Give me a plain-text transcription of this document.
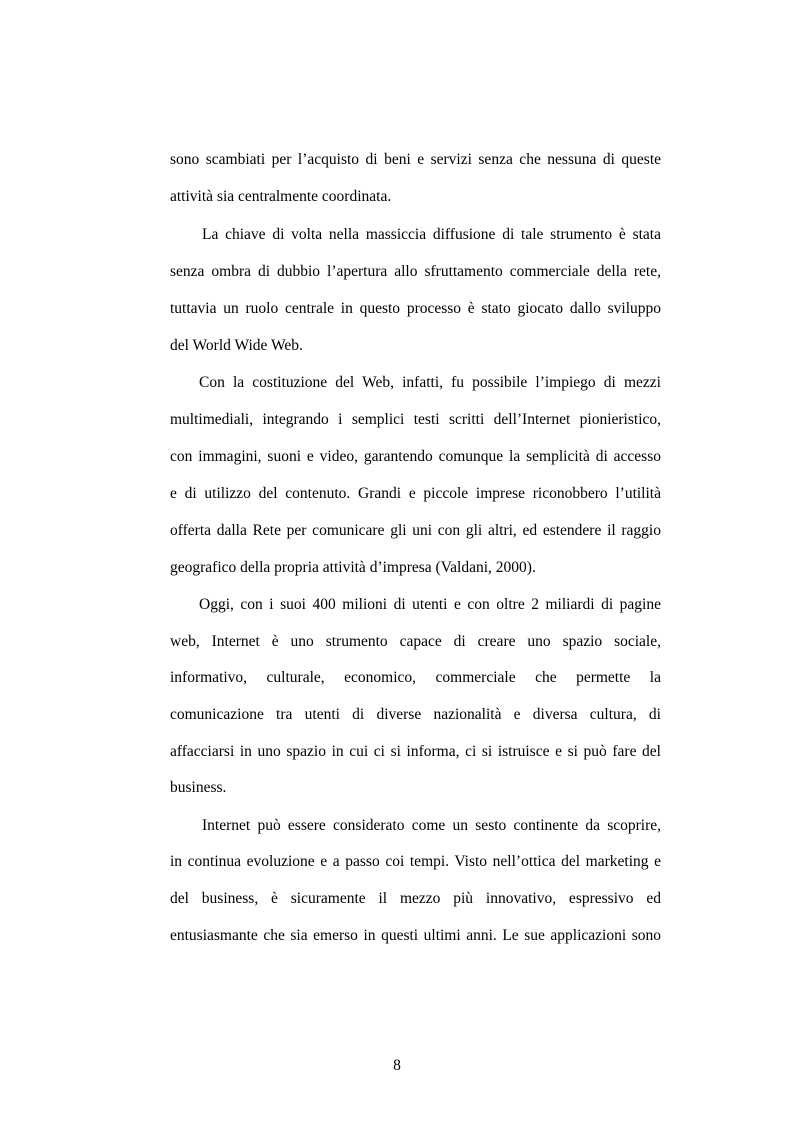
sono scambiati per l’acquisto di beni e servizi senza che nessuna di queste
attività sia centralmente coordinata.
La chiave di volta nella massiccia diffusione di tale strumento è stata
senza ombra di dubbio l’apertura allo sfruttamento commerciale della rete,
tuttavia un ruolo centrale in questo processo è stato giocato dallo sviluppo
del World Wide Web.
Con la costituzione del Web, infatti, fu possibile l’impiego di mezzi
multimediali, integrando i semplici testi scritti dell’Internet pionieristico,
con immagini, suoni e video, garantendo comunque la semplicità di accesso
e di utilizzo del contenuto. Grandi e piccole imprese riconobbero l’utilità
offerta dalla Rete per comunicare gli uni con gli altri, ed estendere il raggio
geografico della propria attività d’impresa (Valdani, 2000).
Oggi, con i suoi 400 milioni di utenti e con oltre 2 miliardi di pagine
web, Internet è uno strumento capace di creare uno spazio sociale,
informativo, culturale, economico, commerciale che permette la
comunicazione tra utenti di diverse nazionalità e diversa cultura, di
affacciarsi in uno spazio in cui ci si informa, ci si istruisce e si può fare del
business.
Internet può essere considerato come un sesto continente da scoprire,
in continua evoluzione e a passo coi tempi. Visto nell’ottica del marketing e
del business, è sicuramente il mezzo più innovativo, espressivo ed
entusiasmante che sia emerso in questi ultimi anni. Le sue applicazioni sono
8
